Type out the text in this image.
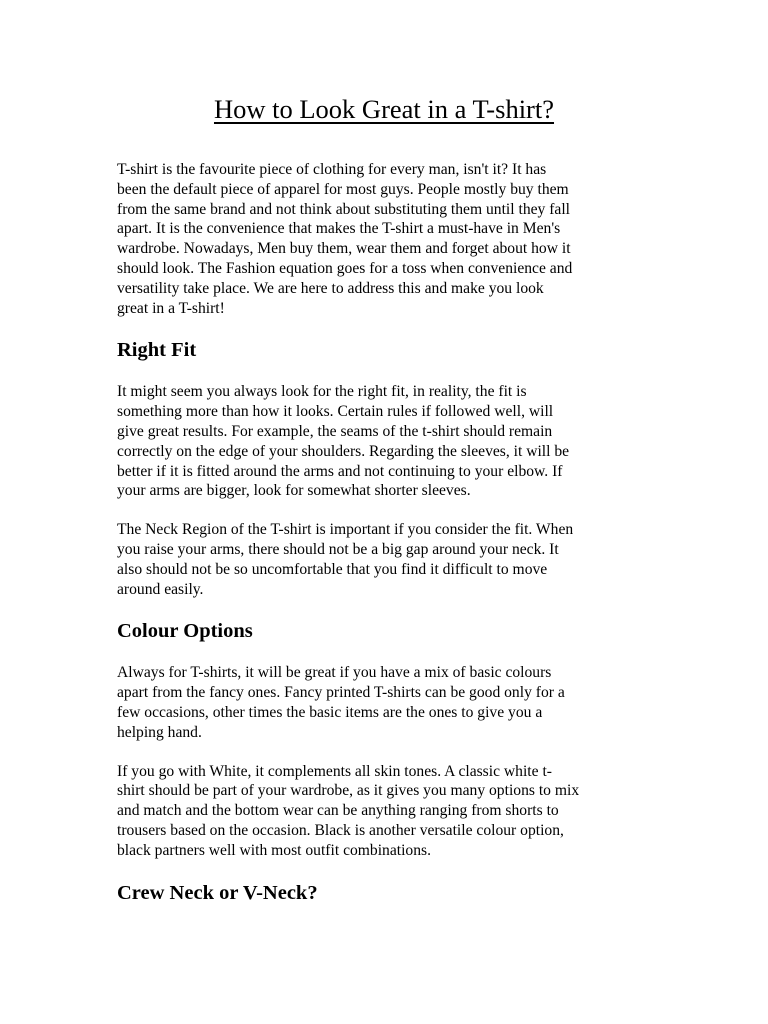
How to Look Great in a T-shirt?

T-shirt is the favourite piece of clothing for every man, isn't it? It has
been the default piece of apparel for most guys. People mostly buy them
from the same brand and not think about substituting them until they fall
apart. It is the convenience that makes the T-shirt a must-have in Men's
wardrobe. Nowadays, Men buy them, wear them and forget about how it
should look. The Fashion equation goes for a toss when convenience and
versatility take place. We are here to address this and make you look
great in a T-shirt!

Right Fit

It might seem you always look for the right fit, in reality, the fit is
something more than how it looks. Certain rules if followed well, will
give great results. For example, the seams of the t-shirt should remain
correctly on the edge of your shoulders. Regarding the sleeves, it will be
better if it is fitted around the arms and not continuing to your elbow. If
your arms are bigger, look for somewhat shorter sleeves.

The Neck Region of the T-shirt is important if you consider the fit. When
you raise your arms, there should not be a big gap around your neck. It
also should not be so uncomfortable that you find it difficult to move
around easily.

Colour Options

Always for T-shirts, it will be great if you have a mix of basic colours
apart from the fancy ones. Fancy printed T-shirts can be good only for a
few occasions, other times the basic items are the ones to give you a
helping hand.

If you go with White, it complements all skin tones. A classic white t-
shirt should be part of your wardrobe, as it gives you many options to mix
and match and the bottom wear can be anything ranging from shorts to
trousers based on the occasion. Black is another versatile colour option,
black partners well with most outfit combinations.

Crew Neck or V-Neck?
